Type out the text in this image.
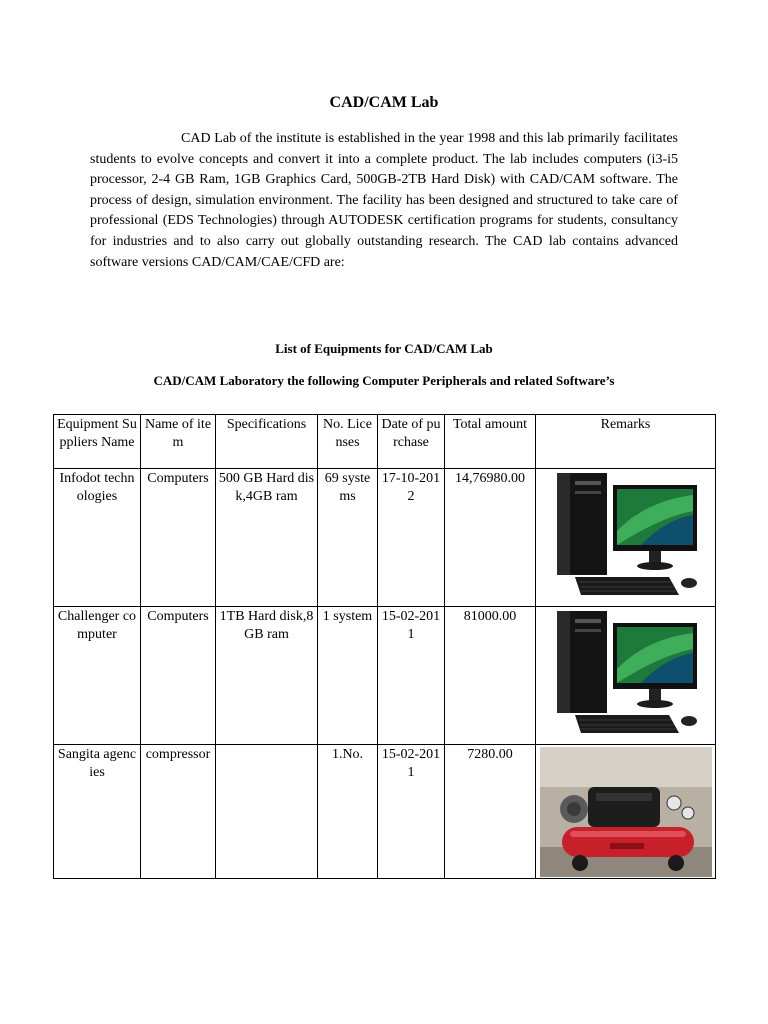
CAD/CAM Lab

CAD Lab of the institute is established in the year 1998 and this lab primarily facilitates students to evolve concepts and convert it into a complete product. The lab includes computers (i3-i5 processor, 2-4 GB Ram, 1GB Graphics Card, 500GB-2TB Hard Disk) with CAD/CAM software. The process of design, simulation environment. The facility has been designed and structured to take care of professional (EDS Technologies) through AUTODESK certification programs for students, consultancy for industries and to also carry out globally outstanding research. The CAD lab contains advanced software versions CAD/CAM/CAE/CFD are:

List of Equipments for CAD/CAM Lab
CAD/CAM Laboratory the following Computer Peripherals and related Software’s
Equipment Suppliers Name	Name of item	Specifications	No. Licenses	Date of purchase	Total amount	Remarks
Infodot technologies	Computers	500 GB Hard disk,4GB ram	69 systems	17-10-2012	14,76980.00	

Challenger computer	Computers	1TB Hard disk,8GB ram	1 system	15-02-2011	81000.00	

Sangita agencies	compressor		1.No.	15-02-2011	7280.00	
